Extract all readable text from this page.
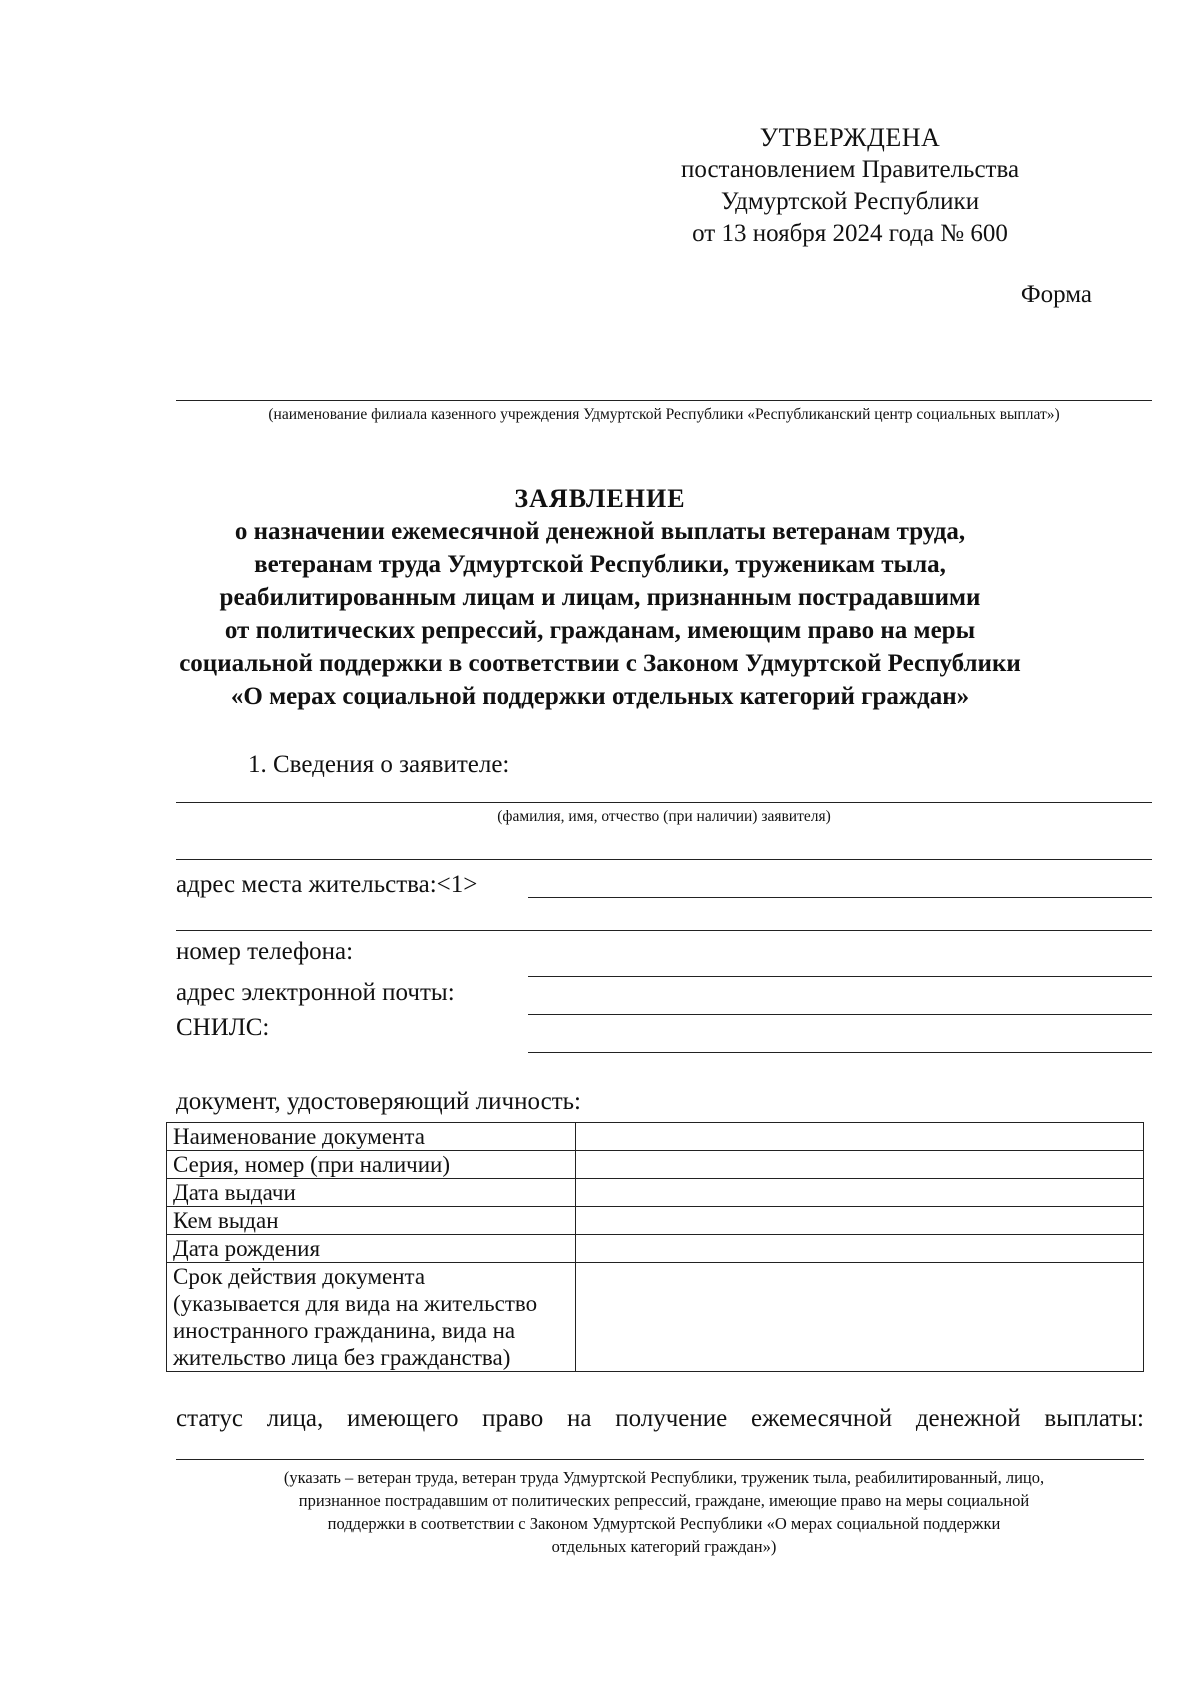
УТВЕРЖДЕНА
постановлением Правительства
Удмуртской Республики
от 13 ноября 2024 года № 600
Форма
(наименование филиала казенного учреждения Удмуртской Республики «Республиканский центр социальных выплат»)
ЗАЯВЛЕНИЕ
о назначении ежемесячной денежной выплаты ветеранам труда,
ветеранам труда Удмуртской Республики, труженикам тыла,
реабилитированным лицам и лицам, признанным пострадавшими
от политических репрессий, гражданам, имеющим право на меры
социальной поддержки в соответствии с Законом Удмуртской Республики
«О мерах социальной поддержки отдельных категорий граждан»
1. Сведения о заявителе:
(фамилия, имя, отчество (при наличии) заявителя)
адрес места жительства:<1>
номер телефона:
адрес электронной почты:
СНИЛС:
документ, удостоверяющий личность:
Наименование документа	
Серия, номер (при наличии)	
Дата выдачи	
Кем выдан	
Дата рождения	

Срок действия документа
(указывается для вида на жительство
иностранного гражданина, вида на
жительство лица без гражданства)	

статус лица, имеющего право на получение ежемесячной денежной выплаты:
(указать – ветеран труда, ветеран труда Удмуртской Республики, труженик тыла, реабилитированный, лицо,
признанное пострадавшим от политических репрессий, граждане, имеющие право на меры социальной
поддержки в соответствии с Законом Удмуртской Республики «О мерах социальной поддержки
отдельных категорий граждан»)
